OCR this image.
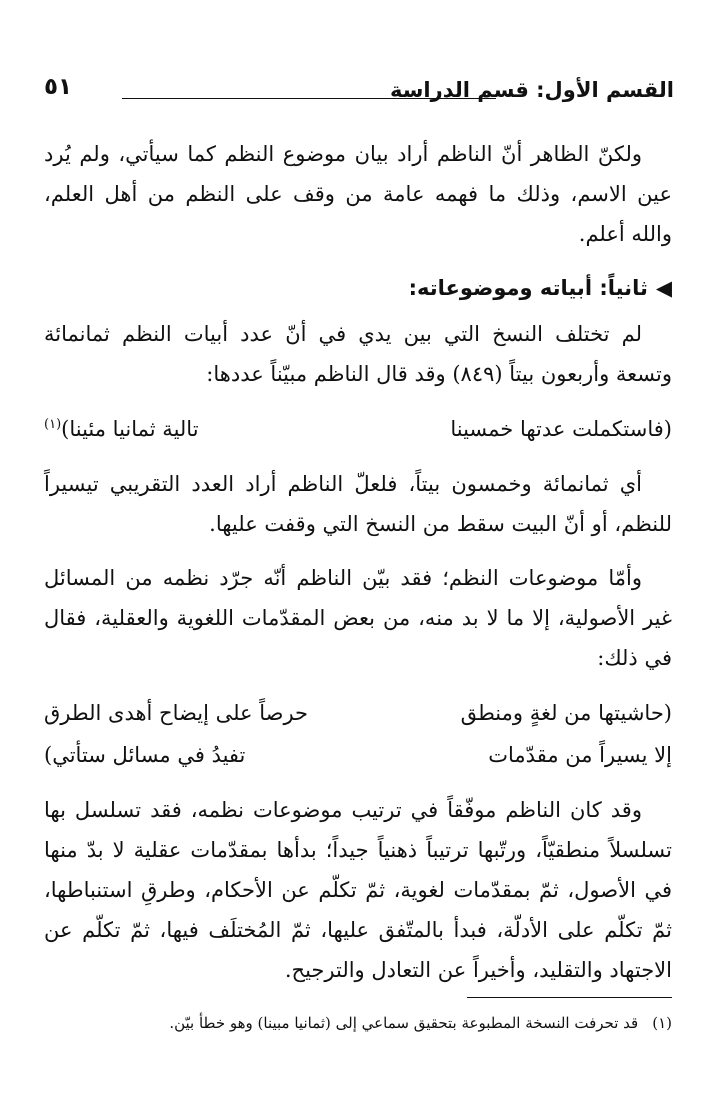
القسم الأول: قسم الدراسة
٥١

ولكنّ الظاهر أنّ الناظم أراد بيان موضوع النظم كما سيأتي، ولم يُرد عين الاسم، وذلك ما فهمه عامة من وقف على النظم من أهل العلم، والله أعلم.

◀ثانياً: أبياته وموضوعاته:

لم تختلف النسخ التي بين يدي في أنّ عدد أبيات النظم ثمانمائة وتسعة وأربعون بيتاً (٨٤٩) وقد قال الناظم مبيّناً عددها:

(فاستكملت عدتها خمسينا
تالية ثمانيا مئينا)$^{(١)}$

أي ثمانمائة وخمسون بيتاً، فلعلّ الناظم أراد العدد التقريبي تيسيراً للنظم، أو أنّ البيت سقط من النسخ التي وقفت عليها.

وأمّا موضوعات النظم؛ فقد بيّن الناظم أنّه جرّد نظمه من المسائل غير الأصولية، إلا ما لا بد منه، من بعض المقدّمات اللغوية والعقلية، فقال في ذلك:

(حاشيتها من لغةٍ ومنطق
حرصاً على إيضاح أهدى الطرق
إلا يسيراً من مقدّمات
تفيدُ في مسائل ستأتي)

وقد كان الناظم موفّقاً في ترتيب موضوعات نظمه، فقد تسلسل بها تسلسلاً منطقيّاً، ورتّبها ترتيباً ذهنياً جيداً؛ بدأها بمقدّمات عقلية لا بدّ منها في الأصول، ثمّ بمقدّمات لغوية، ثمّ تكلّم عن الأحكام، وطرقِ استنباطها، ثمّ تكلّم على الأدلّة، فبدأ بالمتّفق عليها، ثمّ المُختلَف فيها، ثمّ تكلّم عن الاجتهاد والتقليد، وأخيراً عن التعادل والترجيح.

(١)قد تحرفت النسخة المطبوعة بتحقيق سماعي إلى (ثمانيا مبينا) وهو خطأ بيّن.
